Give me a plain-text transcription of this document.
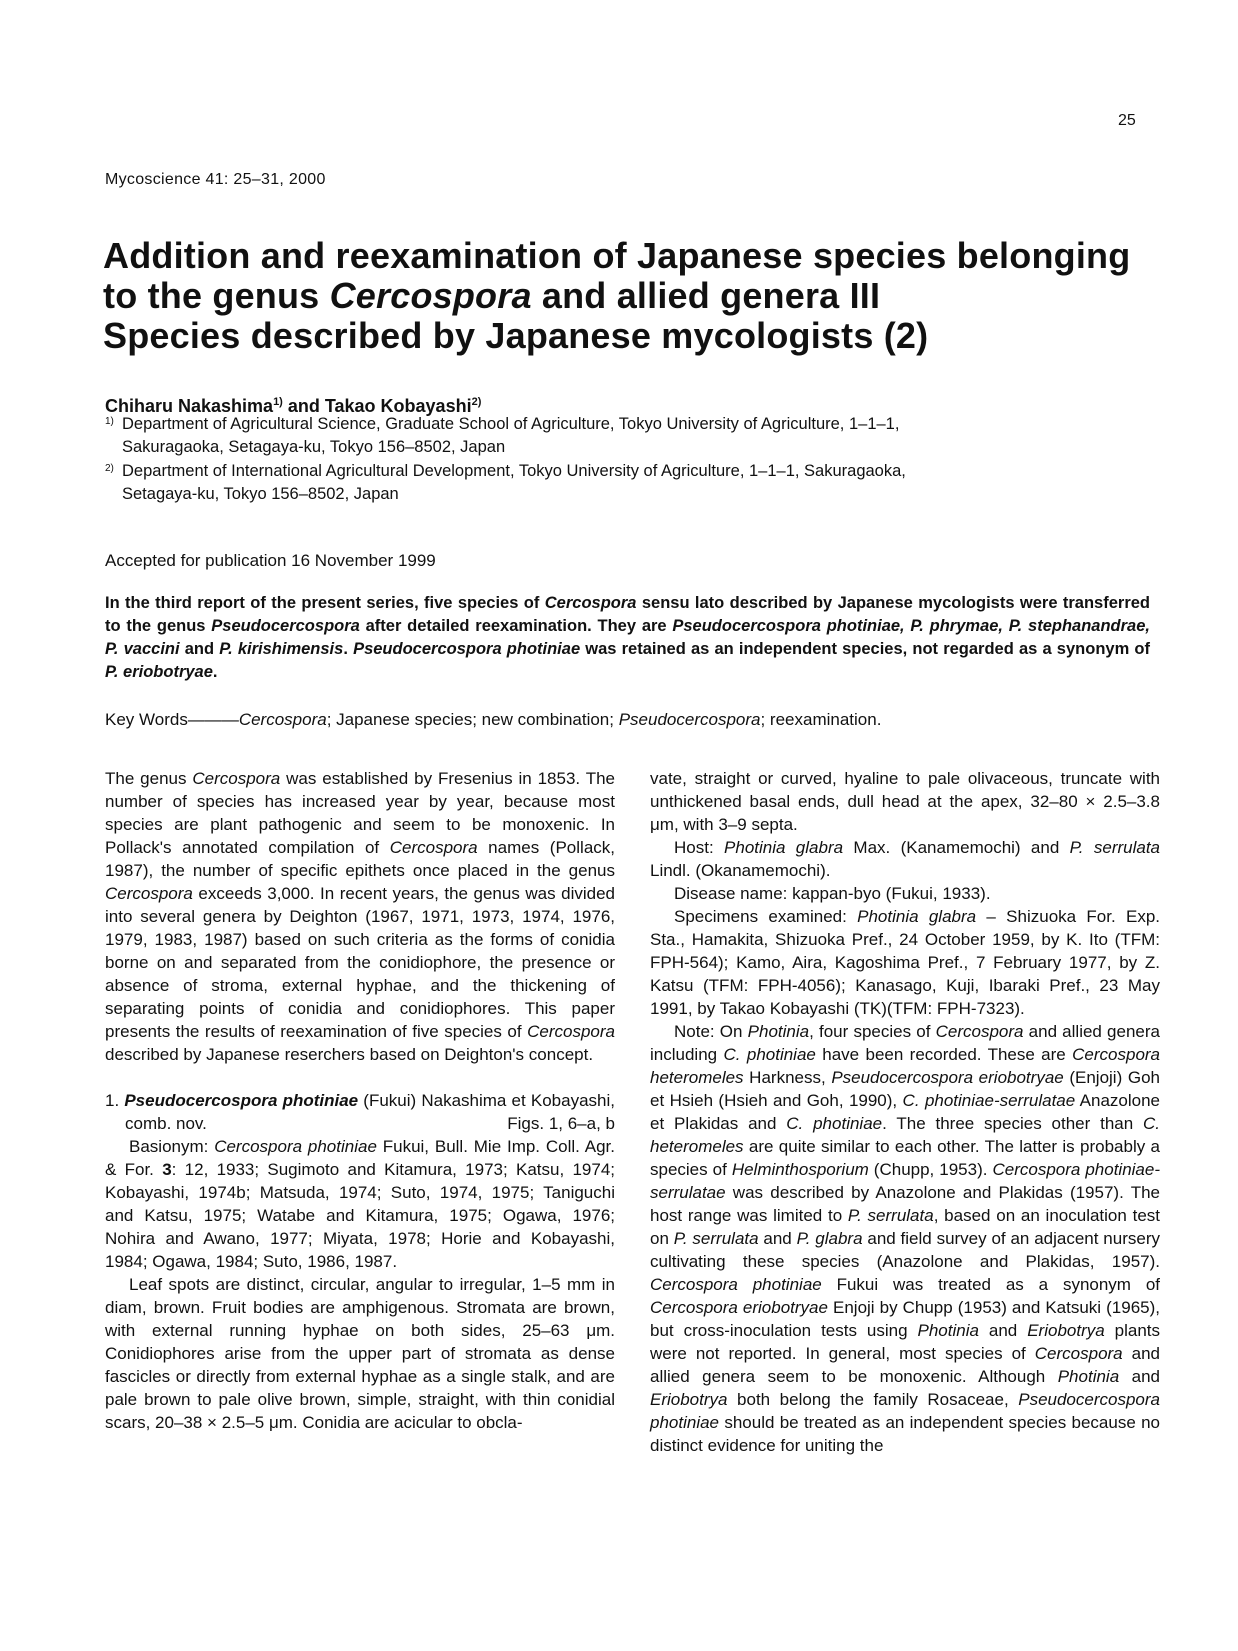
25
Mycoscience 41: 25–31, 2000
Addition and reexamination of Japanese species belonging
to the genus Cercospora and allied genera III
Species described by Japanese mycologists (2)
Chiharu Nakashima$^{1)}$ and Takao Kobayashi$^{2)}$
1) Department of Agricultural Science, Graduate School of Agriculture, Tokyo University of Agriculture, 1–1–1,
Sakuragaoka, Setagaya-ku, Tokyo 156–8502, Japan
2) Department of International Agricultural Development, Tokyo University of Agriculture, 1–1–1, Sakuragaoka,
Setagaya-ku, Tokyo 156–8502, Japan
Accepted for publication 16 November 1999
In the third report of the present series, five species of Cercospora sensu lato described by Japanese mycologists were transferred to the genus Pseudocercospora after detailed reexamination. They are Pseudocercospora photiniae, P. phrymae, P. stephanandrae, P. vaccini and P. kirishimensis. Pseudocercospora photiniae was retained as an independent species, not regarded as a synonym of P. eriobotryae.
Key Words———Cercospora; Japanese species; new combination; Pseudocercospora; reexamination.

The genus Cercospora was established by Fresenius in 1853. The number of species has increased year by year, because most species are plant pathogenic and seem to be monoxenic. In Pollack's annotated compilation of Cercospora names (Pollack, 1987), the number of specific epithets once placed in the genus Cercospora exceeds 3,000. In recent years, the genus was divided into several genera by Deighton (1967, 1971, 1973, 1974, 1976, 1979, 1983, 1987) based on such criteria as the forms of conidia borne on and separated from the conidiophore, the presence or absence of stroma, external hyphae, and the thickening of separating points of conidia and conidiophores. This paper presents the results of reexamination of five species of Cercospora described by Japanese reserchers based on Deighton's concept.

1. Pseudocercospora photiniae (Fukui) Nakashima et Kobayashi, comb. nov.	Figs. 1, 6–a, b

Basionym: Cercospora photiniae Fukui, Bull. Mie Imp. Coll. Agr. & For. 3: 12, 1933; Sugimoto and Kitamura, 1973; Katsu, 1974; Kobayashi, 1974b; Matsuda, 1974; Suto, 1974, 1975; Taniguchi and Katsu, 1975; Watabe and Kitamura, 1975; Ogawa, 1976; Nohira and Awano, 1977; Miyata, 1978; Horie and Kobayashi, 1984; Ogawa, 1984; Suto, 1986, 1987.

Leaf spots are distinct, circular, angular to irregular, 1–5 mm in diam, brown. Fruit bodies are amphigenous. Stromata are brown, with external running hyphae on both sides, 25–63 μm. Conidiophores arise from the upper part of stromata as dense fascicles or directly from external hyphae as a single stalk, and are pale brown to pale olive brown, simple, straight, with thin conidial scars, 20–38 × 2.5–5 μm. Conidia are acicular to obcla-

vate, straight or curved, hyaline to pale olivaceous, truncate with unthickened basal ends, dull head at the apex, 32–80 × 2.5–3.8 μm, with 3–9 septa.

Host: Photinia glabra Max. (Kanamemochi) and P. serrulata Lindl. (Okanamemochi).

Disease name: kappan-byo (Fukui, 1933).

Specimens examined: Photinia glabra – Shizuoka For. Exp. Sta., Hamakita, Shizuoka Pref., 24 October 1959, by K. Ito (TFM: FPH-564); Kamo, Aira, Kagoshima Pref., 7 February 1977, by Z. Katsu (TFM: FPH-4056); Kanasago, Kuji, Ibaraki Pref., 23 May 1991, by Takao Kobayashi (TK)(TFM: FPH-7323).

Note: On Photinia, four species of Cercospora and allied genera including C. photiniae have been recorded. These are Cercospora heteromeles Harkness, Pseudocercospora eriobotryae (Enjoji) Goh et Hsieh (Hsieh and Goh, 1990), C. photiniae-serrulatae Anazolone et Plakidas and C. photiniae. The three species other than C. heteromeles are quite similar to each other. The latter is probably a species of Helminthosporium (Chupp, 1953). Cercospora photiniae-serrulatae was described by Anazolone and Plakidas (1957). The host range was limited to P. serrulata, based on an inoculation test on P. serrulata and P. glabra and field survey of an adjacent nursery cultivating these species (Anazolone and Plakidas, 1957). Cercospora photiniae Fukui was treated as a synonym of Cercospora eriobotryae Enjoji by Chupp (1953) and Katsuki (1965), but cross-inoculation tests using Photinia and Eriobotrya plants were not reported. In general, most species of Cercospora and allied genera seem to be monoxenic. Although Photinia and Eriobotrya both belong the family Rosaceae, Pseudocercospora photiniae should be treated as an independent species because no distinct evidence for uniting the
